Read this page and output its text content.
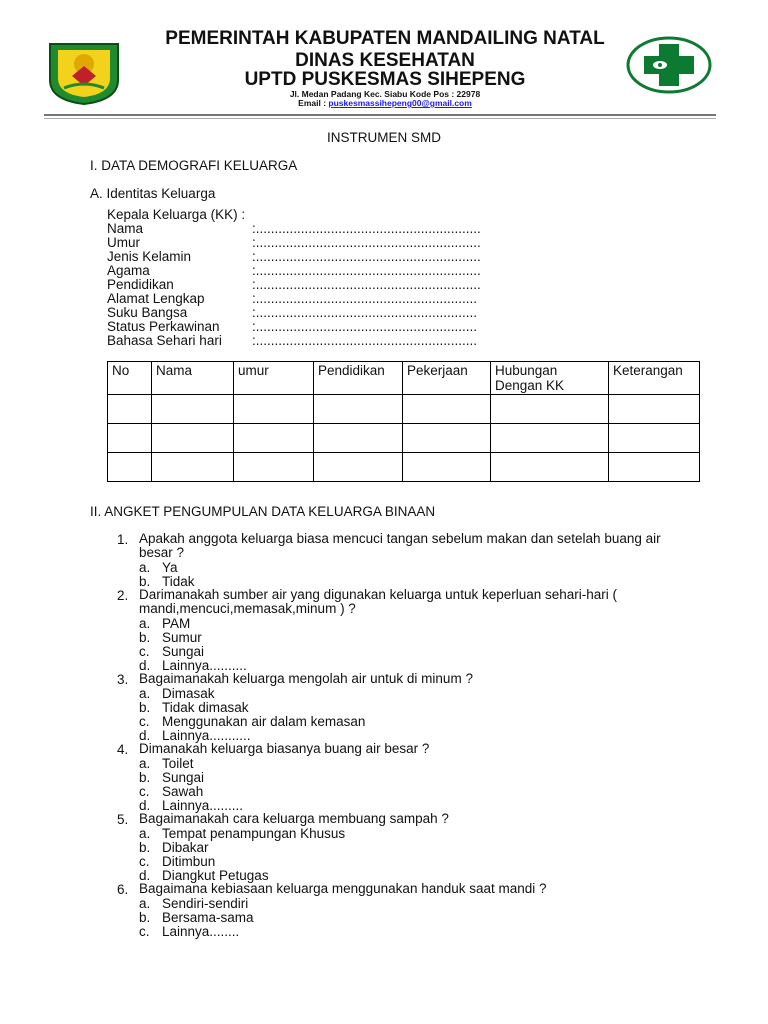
PEMERINTAH KABUPATEN MANDAILING NATAL
DINAS KESEHATAN
UPTD PUSKESMAS SIHEPENG
Jl. Medan Padang Kec. Siabu Kode Pos : 22978
Email : puskesmassihepeng00@gmail.com
INSTRUMEN SMD
I. DATA DEMOGRAFI KELUARGA
A. Identitas Keluarga
Kepala Keluarga (KK) :
Nama	:............................................................
Umur	:............................................................
Jenis Kelamin	:............................................................
Agama	:............................................................
Pendidikan	:............................................................
Alamat Lengkap	:...........................................................
Suku Bangsa	:...........................................................
Status Perkawinan :...........................................................
Bahasa Sehari hari :...........................................................
No	Nama	umur	Pendidikan	Pekerjaan	Hubungan Dengan KK	Keterangan

II. ANGKET PENGUMPULAN DATA KELUARGA BINAAN
1. Apakah anggota keluarga biasa mencuci tangan sebelum makan dan setelah buang air besar ?
a. Ya
b. Tidak
2. Darimanakah sumber air yang digunakan keluarga untuk keperluan sehari-hari ( mandi,mencuci,memasak,minum ) ?
a. PAM
b. Sumur
c. Sungai
d. Lainnya..........
3. Bagaimanakah keluarga mengolah air untuk di minum ?
a. Dimasak
b. Tidak dimasak
c. Menggunakan air dalam kemasan
d. Lainnya...........
4. Dimanakah keluarga biasanya buang air besar ?
a. Toilet
b. Sungai
c. Sawah
d. Lainnya.........
5. Bagaimanakah cara keluarga membuang sampah ?
a. Tempat penampungan Khusus
b. Dibakar
c. Ditimbun
d. Diangkut Petugas
6. Bagaimana kebiasaan keluarga menggunakan handuk saat mandi ?
a. Sendiri-sendiri
b. Bersama-sama
c. Lainnya........
